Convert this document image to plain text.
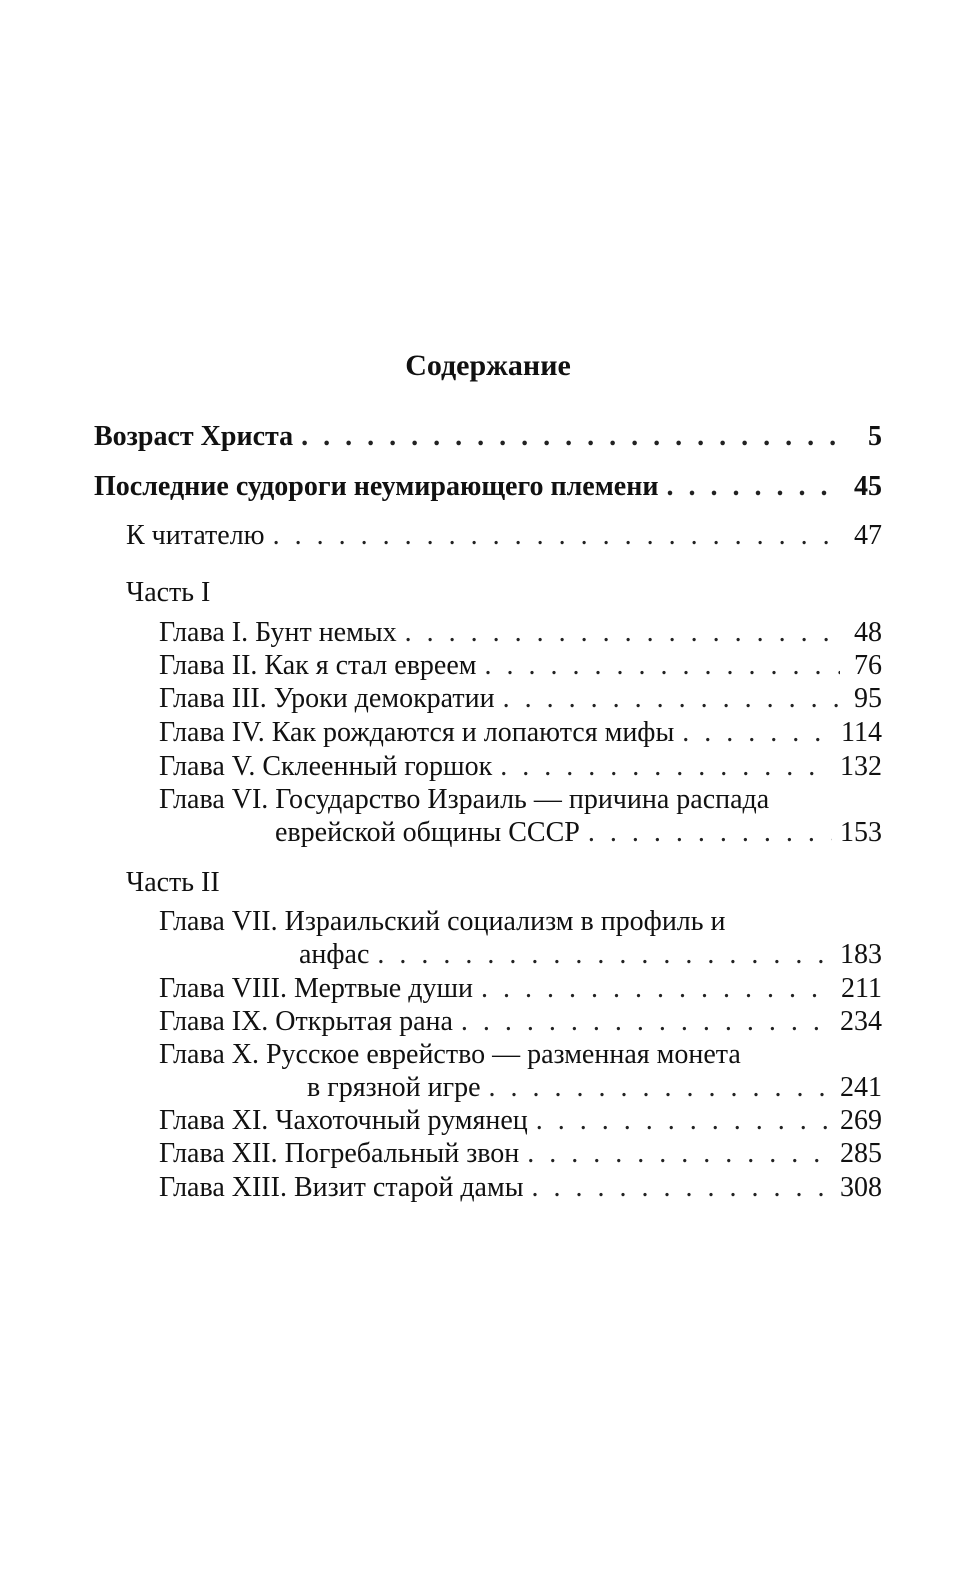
Содержание
Возраст Христа . . .	5
Последние судороги неумирающего племени . . .	45
К читателю . . .	47
Часть I
Глава I. Бунт немых . . .	48
Глава II. Как я стал евреем . . .	76
Глава III. Уроки демократии . . .	95
Глава IV. Как рождаются и лопаются мифы . . .	114
Глава V. Склеенный горшок . . .	132
Глава VI. Государство Израиль — причина распада
еврейской общины СССР . . .	153
Часть II
Глава VII. Израильский социализм в профиль и
анфас . . .	183
Глава VIII. Мертвые души . . .	211
Глава IX. Открытая рана . . .	234
Глава X. Русское еврейство — разменная монета
в грязной игре . . .	241
Глава XI. Чахоточный румянец . . .	269
Глава XII. Погребальный звон . . .	285
Глава XIII. Визит старой дамы . . .	308
